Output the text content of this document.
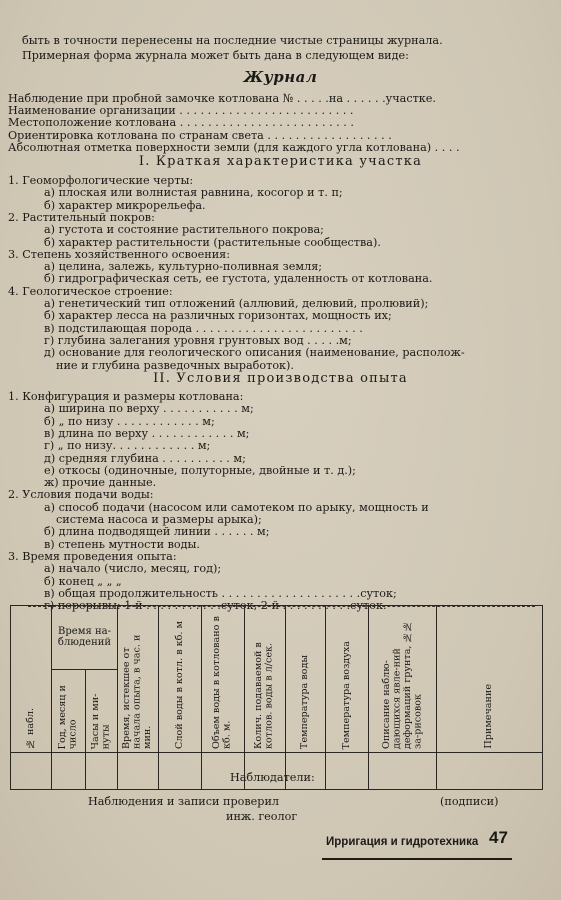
быть в точности перенесены на последние чистые страницы журнала.
Примерная форма журнала может быть дана в следующем виде:
Журнал
Наблюдение при пробной замочке котлована № . . . . .на . . . . . .участке.
Наименование организации . . . . . . . . . . . . . . . . . . . . . . . . .
Местоположение котлована . . . . . . . . . . . . . . . . . . . . . . . . .
Ориентировка котлована по странам света . . . . . . . . . . . . . . . . . .
Абсолютная отметка поверхности земли (для каждого угла котлована) . . . .
I. Краткая характеристика участка
1. Геоморфологические черты:
а) плоская или волнистая равнина, косогор и т. п;
б) характер микрорельефа.
2. Растительный покров:
а) густота и состояние растительного покрова;
б) характер растительности (растительные сообщества).
3. Степень хозяйственного освоения:
а) целина, залежь, культурно-поливная земля;
б) гидрографическая сеть, ее густота, удаленность от котлована.
4. Геологическое строение:
а) генетический тип отложений (аллювий, делювий, пролювий);
б) характер лесса на различных горизонтах, мощность их;
в) подстилающая порода . . . . . . . . . . . . . . . . . . . . . . . .
г) глубина залегания уровня грунтовых вод . . . . .м;
д) основание для геологического описания (наименование, располож-
ние и глубина разведочных выработок).
II. Условия производства опыта
1. Конфигурация и размеры котлована:
а) ширина по верху . . . . . . . . . . . м;
б) „ по низу . . . . . . . . . . . . м;
в) длина по верху . . . . . . . . . . . . м;
г) „ по низу. . . . . . . . . . . . м;
д) средняя глубина . . . . . . . . . . м;
е) откосы (одиночные, полуторные, двойные и т. д.);
ж) прочие данные.
2. Условия подачи воды:
а) способ подачи (насосом или самотеком по арыку, мощность и
система насоса и размеры арыка);
б) длина подводящей линии . . . . . . м;
в) степень мутности воды.
3. Время проведения опыта:
а) начало (число, месяц, год);
б) конец „ „ „
в) общая продолжительность . . . . . . . . . . . . . . . . . . . .суток;
г) перерывы: 1-й . . . . . . . . . . .суток, 2-й . . . . . . . . . .суток.
№ набл.	Время на-блюдений		Время, истекшее от начала опыта, в час. и мин.	Слой воды в котл. в кб. м	Объем воды в котловано в кб. м.	Колич. подаваемой в котлов. воды в л/сек.	Температура воды	Температура воздуха	Описание наблю-дающихся явле-ний деформаций грунта, №№ за-рисовок	Примечание

	Год, месяц и число	Часы и ми-нуты								

Наблюдатели:
Наблюдения и записи проверил	(подписи)
инж. геолог
Ирригация и гидротехника 47
